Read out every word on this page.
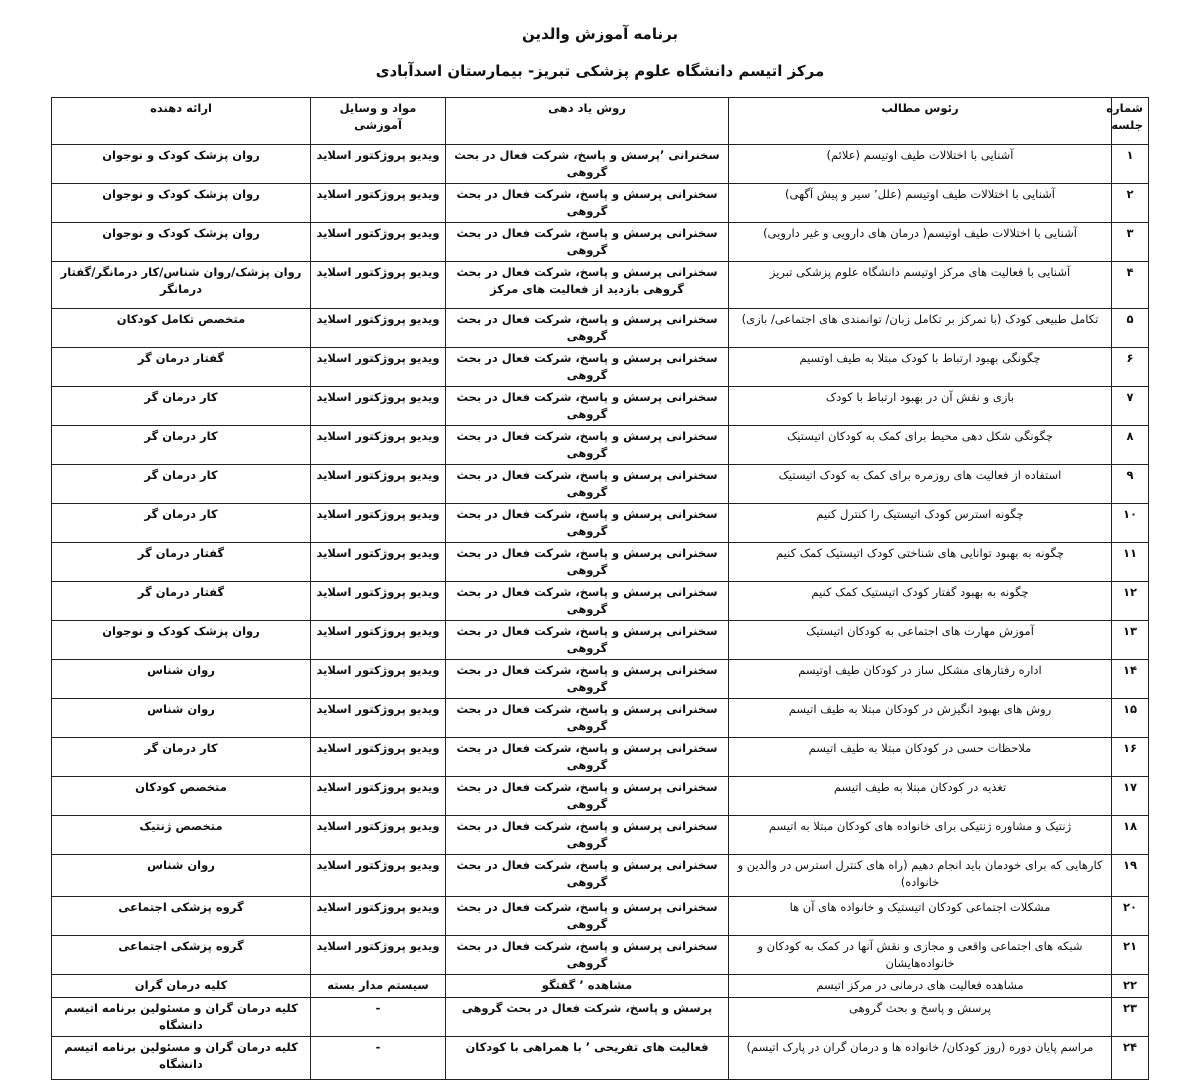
برنامه آموزش والدین
مرکز اتیسم دانشگاه علوم پزشکی تبریز- بیمارستان اسدآبادی
شماره جلسه	رئوس مطالب	روش یاد دهی	مواد و وسایل آموزشی	ارائه دهنده
۱	آشنایی با اختلالات طیف اوتیسم (علائم)	سخنرانی ٬پرسش و پاسخ، شرکت فعال در بحث گروهی	ویدیو پروژکتور اسلاید	روان پزشک کودک و نوجوان
۲	آشنایی با اختلالات طیف اوتیسم (علل٬ سیر و پیش آگهی)	سخنرانی پرسش و پاسخ، شرکت فعال در بحث گروهی	ویدیو پروژکتور اسلاید	روان پزشک کودک و نوجوان
۳	آشنایی با اختلالات طیف اوتیسم( درمان های دارویی و غیر دارویی)	سخنرانی پرسش و پاسخ، شرکت فعال در بحث گروهی	ویدیو پروژکتور اسلاید	روان پزشک کودک و نوجوان
۴	آشنایی با فعالیت های مرکز اوتیسم دانشگاه علوم پزشکی تبریز	سخنرانی پرسش و پاسخ، شرکت فعال در بحث گروهی بازدید از فعالیت های مرکز	ویدیو پروژکتور اسلاید	روان پزشک/روان شناس/کار درمانگر/گفتار درمانگر
۵	تکامل طبیعی کودک (با تمرکز بر تکامل زبان/ توانمندی های اجتماعی/ بازی)	سخنرانی پرسش و پاسخ، شرکت فعال در بحث گروهی	ویدیو پروژکتور اسلاید	متخصص تکامل کودکان
۶	چگونگی بهبود ارتباط با کودک مبتلا به طیف اوتسیم	سخنرانی پرسش و پاسخ، شرکت فعال در بحث گروهی	ویدیو پروژکتور اسلاید	گفتار درمان گر
۷	بازی و نقش آن در بهبود ارتباط با کودک	سخنرانی پرسش و پاسخ، شرکت فعال در بحث گروهی	ویدیو پروژکتور اسلاید	کار درمان گر
۸	چگونگی شکل دهی محیط برای کمک به کودکان اتیستیک	سخنرانی پرسش و پاسخ، شرکت فعال در بحث گروهی	ویدیو پروژکتور اسلاید	کار درمان گر
۹	استفاده از فعالیت های روزمره برای کمک به کودک اتیستیک	سخنرانی پرسش و پاسخ، شرکت فعال در بحث گروهی	ویدیو پروژکتور اسلاید	کار درمان گر
۱۰	چگونه استرس کودک اتیستیک را کنترل کنیم	سخنرانی پرسش و پاسخ، شرکت فعال در بحث گروهی	ویدیو پروژکتور اسلاید	کار درمان گر
۱۱	چگونه به بهبود توانایی های شناختی کودک اتیستیک کمک کنیم	سخنرانی پرسش و پاسخ، شرکت فعال در بحث گروهی	ویدیو پروژکتور اسلاید	گفتار درمان گر
۱۲	چگونه به بهبود گفتار کودک اتیستیک کمک کنیم	سخنرانی پرسش و پاسخ، شرکت فعال در بحث گروهی	ویدیو پروژکتور اسلاید	گفتار درمان گر
۱۳	آموزش مهارت های اجتماعی به کودکان اتیستیک	سخنرانی پرسش و پاسخ، شرکت فعال در بحث گروهی	ویدیو پروژکتور اسلاید	روان پزشک کودک و نوجوان
۱۴	اداره رفتارهای مشکل ساز در کودکان طیف اوتیسم	سخنرانی پرسش و پاسخ، شرکت فعال در بحث گروهی	ویدیو پروژکتور اسلاید	روان شناس
۱۵	روش های بهبود انگیزش در کودکان مبتلا به طیف اتیسم	سخنرانی پرسش و پاسخ، شرکت فعال در بحث گروهی	ویدیو پروژکتور اسلاید	روان شناس
۱۶	ملاحظات حسی در کودکان مبتلا به طیف اتیسم	سخنرانی پرسش و پاسخ، شرکت فعال در بحث گروهی	ویدیو پروژکتور اسلاید	کار درمان گر
۱۷	تغذیه در کودکان مبتلا به طیف اتیسم	سخنرانی پرسش و پاسخ، شرکت فعال در بحث گروهی	ویدیو پروژکتور اسلاید	متخصص کودکان
۱۸	ژنتیک و مشاوره ژنتیکی برای خانواده های کودکان مبتلا به اتیسم	سخنرانی پرسش و پاسخ، شرکت فعال در بحث گروهی	ویدیو پروژکتور اسلاید	متخصص ژنتیک
۱۹	کارهایی که برای خودمان باید انجام دهیم (راه های کنترل استرس در والدین و خانواده)	سخنرانی پرسش و پاسخ، شرکت فعال در بحث گروهی	ویدیو پروژکتور اسلاید	روان شناس
۲۰	مشکلات اجتماعی کودکان اتیستیک و خانواده های آن ها	سخنرانی پرسش و پاسخ، شرکت فعال در بحث گروهی	ویدیو پروژکتور اسلاید	گروه پزشکی اجتماعی
۲۱	شبکه های اجتماعی واقعی و مجازی و نقش آنها در کمک به کودکان و خانواده‌هایشان	سخنرانی پرسش و پاسخ، شرکت فعال در بحث گروهی	ویدیو پروژکتور اسلاید	گروه پزشکی اجتماعی
۲۲	مشاهده فعالیت های درمانی در مرکز اتیسم	مشاهده ٬ گفتگو	سیستم مدار بسته	کلیه درمان گران
۲۳	پرسش و پاسخ و بحث گروهی	پرسش و پاسخ، شرکت فعال در بحث گروهی	-	کلیه درمان گران و مسئولین برنامه اتیسم دانشگاه
۲۴	مراسم پایان دوره (روز کودکان/ خانواده ها و درمان گران در پارک اتیسم)	فعالیت های تفریحی ٬ با همراهی با کودکان	-	کلیه درمان گران و مسئولین برنامه اتیسم دانشگاه
